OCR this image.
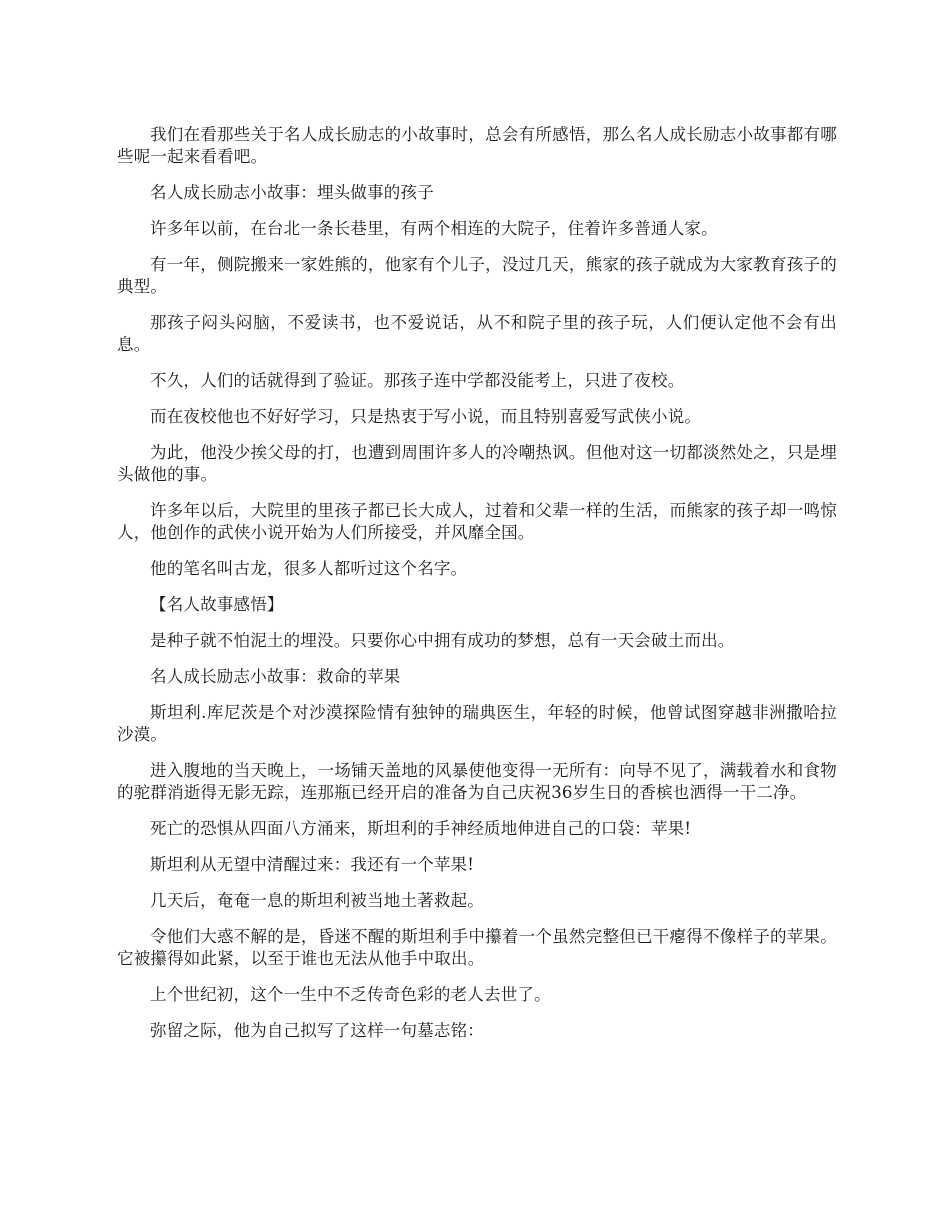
我们在看那些关于名人成长励志的小故事时，总会有所感悟，那么名人成长励志小故事都有哪些呢一起来看看吧。

名人成长励志小故事：埋头做事的孩子

许多年以前，在台北一条长巷里，有两个相连的大院子，住着许多普通人家。

有一年，侧院搬来一家姓熊的，他家有个儿子，没过几天，熊家的孩子就成为大家教育孩子的典型。

那孩子闷头闷脑，不爱读书，也不爱说话，从不和院子里的孩子玩，人们便认定他不会有出息。

不久，人们的话就得到了验证。那孩子连中学都没能考上，只进了夜校。

而在夜校他也不好好学习，只是热衷于写小说，而且特别喜爱写武侠小说。

为此，他没少挨父母的打，也遭到周围许多人的冷嘲热讽。但他对这一切都淡然处之，只是埋头做他的事。

许多年以后，大院里的里孩子都已长大成人，过着和父辈一样的生活，而熊家的孩子却一鸣惊人，他创作的武侠小说开始为人们所接受，并风靡全国。

他的笔名叫古龙，很多人都听过这个名字。

【名人故事感悟】

是种子就不怕泥土的埋没。只要你心中拥有成功的梦想，总有一天会破土而出。

名人成长励志小故事：救命的苹果

斯坦利.库尼茨是个对沙漠探险情有独钟的瑞典医生，年轻的时候，他曾试图穿越非洲撒哈拉沙漠。

进入腹地的当天晚上，一场铺天盖地的风暴使他变得一无所有：向导不见了，满载着水和食物的驼群消逝得无影无踪，连那瓶已经开启的准备为自己庆祝36岁生日的香槟也洒得一干二净。

死亡的恐惧从四面八方涌来，斯坦利的手神经质地伸进自己的口袋：苹果!

斯坦利从无望中清醒过来：我还有一个苹果!

几天后，奄奄一息的斯坦利被当地土著救起。

令他们大惑不解的是，昏迷不醒的斯坦利手中攥着一个虽然完整但已干瘪得不像样子的苹果。它被攥得如此紧，以至于谁也无法从他手中取出。

上个世纪初，这个一生中不乏传奇色彩的老人去世了。

弥留之际，他为自己拟写了这样一句墓志铭：
